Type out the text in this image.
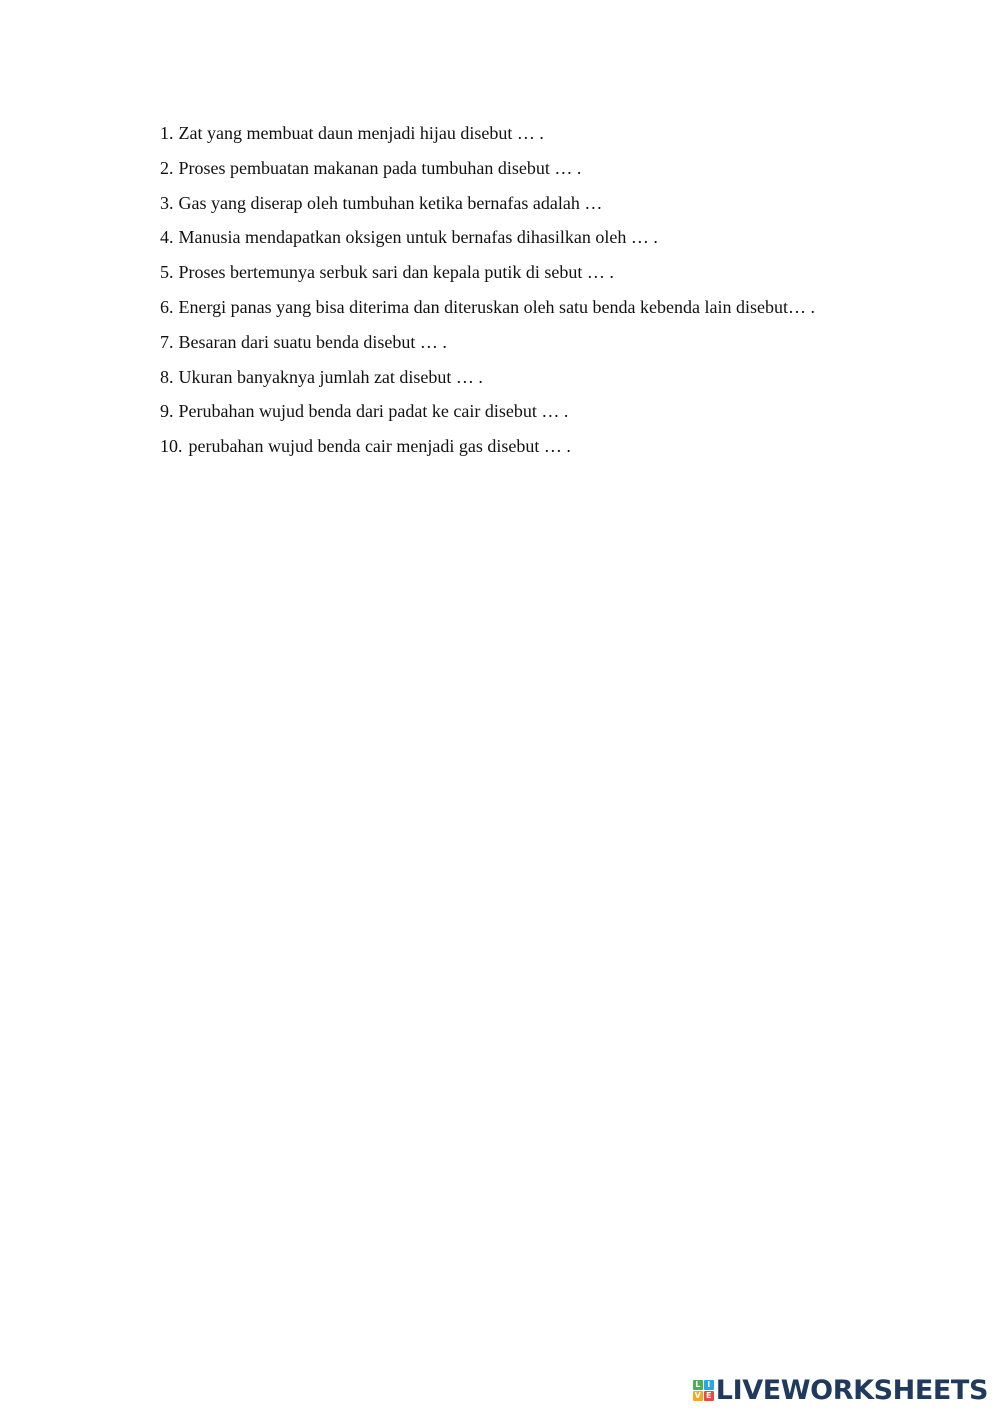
1. Zat yang membuat daun menjadi hijau disebut … .
2. Proses pembuatan makanan pada tumbuhan disebut … .
3. Gas yang diserap oleh tumbuhan ketika bernafas adalah …
4. Manusia mendapatkan oksigen untuk bernafas dihasilkan oleh … .
5. Proses bertemunya serbuk sari dan kepala putik di sebut … .
6. Energi panas yang bisa diterima dan diteruskan oleh satu benda kebenda lain disebut… .
7. Besaran dari suatu benda disebut … .
8. Ukuran banyaknya jumlah zat disebut … .
9. Perubahan wujud benda dari padat ke cair disebut … .
10. perubahan wujud benda cair menjadi gas disebut … .
L I
V E LIVEWORKSHEETS
